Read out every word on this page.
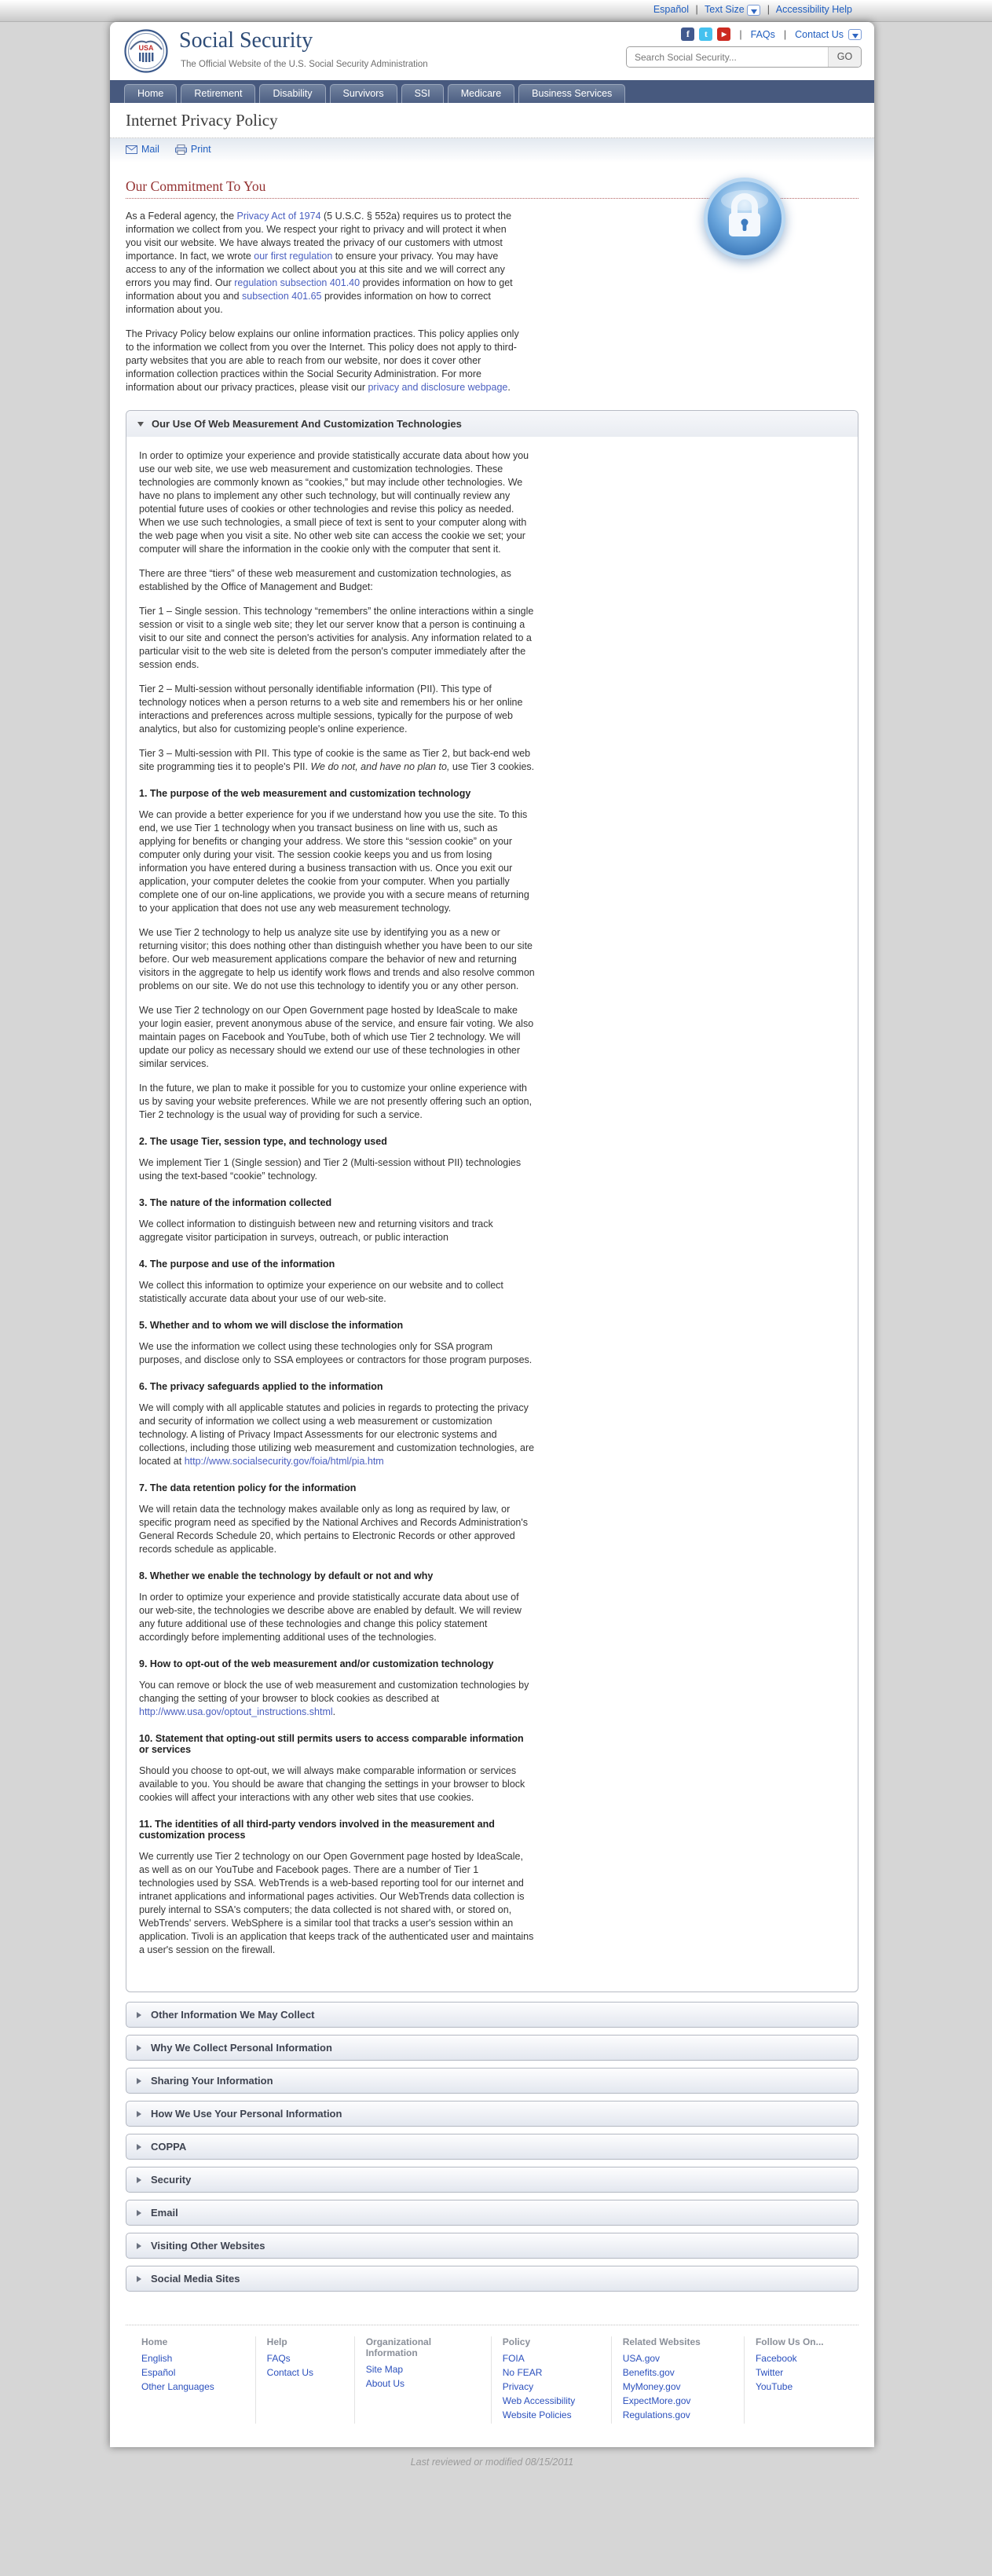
Español | Text Size | Accessibility Help
USA Social Security
The Official Website of the U.S. Social Security Administration
f	t	▶	| FAQs | Contact Us
Search Social Security...
GO
Home	Retirement	Disability	Survivors	SSI	Medicare	Business Services
Internet Privacy Policy
Mail	Print
Our Commitment To You

As a Federal agency, the Privacy Act of 1974 (5 U.S.C. § 552a) requires us to protect the information we collect from you. We respect your right to privacy and will protect it when you visit our website. We have always treated the privacy of our customers with utmost importance. In fact, we wrote our first regulation to ensure your privacy. You may have access to any of the information we collect about you at this site and we will correct any errors you may find. Our regulation subsection 401.40 provides information on how to get information about you and subsection 401.65 provides information on how to correct information about you.

The Privacy Policy below explains our online information practices. This policy applies only to the information we collect from you over the Internet. This policy does not apply to third-party websites that you are able to reach from our website, nor does it cover other information collection practices within the Social Security Administration. For more information about our privacy practices, please visit our privacy and disclosure webpage.

Our Use Of Web Measurement And Customization Technologies

In order to optimize your experience and provide statistically accurate data about how you use our web site, we use web measurement and customization technologies. These technologies are commonly known as “cookies,” but may include other technologies. We have no plans to implement any other such technology, but will continually review any potential future uses of cookies or other technologies and revise this policy as needed.
When we use such technologies, a small piece of text is sent to your computer along with the web page when you visit a site. No other web site can access the cookie we set; your computer will share the information in the cookie only with the computer that sent it.

There are three “tiers” of these web measurement and customization technologies, as established by the Office of Management and Budget:

Tier 1 – Single session. This technology “remembers” the online interactions within a single session or visit to a single web site; they let our server know that a person is continuing a visit to our site and connect the person's activities for analysis. Any information related to a particular visit to the web site is deleted from the person's computer immediately after the session ends.

Tier 2 – Multi-session without personally identifiable information (PII). This type of technology notices when a person returns to a web site and remembers his or her online interactions and preferences across multiple sessions, typically for the purpose of web analytics, but also for customizing people's online experience.

Tier 3 – Multi-session with PII. This type of cookie is the same as Tier 2, but back-end web site programming ties it to people's PII. We do not, and have no plan to, use Tier 3 cookies.

1. The purpose of the web measurement and customization technology

We can provide a better experience for you if we understand how you use the site. To this end, we use Tier 1 technology when you transact business on line with us, such as applying for benefits or changing your address. We store this “session cookie” on your computer only during your visit. The session cookie keeps you and us from losing information you have entered during a business transaction with us. Once you exit our application, your computer deletes the cookie from your computer. When you partially complete one of our on-line applications, we provide you with a secure means of returning to your application that does not use any web measurement technology.

We use Tier 2 technology to help us analyze site use by identifying you as a new or returning visitor; this does nothing other than distinguish whether you have been to our site before. Our web measurement applications compare the behavior of new and returning visitors in the aggregate to help us identify work flows and trends and also resolve common problems on our site. We do not use this technology to identify you or any other person.

We use Tier 2 technology on our Open Government page hosted by IdeaScale to make your login easier, prevent anonymous abuse of the service, and ensure fair voting. We also maintain pages on Facebook and YouTube, both of which use Tier 2 technology. We will update our policy as necessary should we extend our use of these technologies in other similar services.

In the future, we plan to make it possible for you to customize your online experience with us by saving your website preferences. While we are not presently offering such an option, Tier 2 technology is the usual way of providing for such a service.

2. The usage Tier, session type, and technology used

We implement Tier 1 (Single session) and Tier 2 (Multi-session without PII) technologies using the text-based “cookie” technology.

3. The nature of the information collected

We collect information to distinguish between new and returning visitors and track aggregate visitor participation in surveys, outreach, or public interaction

4. The purpose and use of the information

We collect this information to optimize your experience on our website and to collect statistically accurate data about your use of our web-site.

5. Whether and to whom we will disclose the information

We use the information we collect using these technologies only for SSA program purposes, and disclose only to SSA employees or contractors for those program purposes.

6. The privacy safeguards applied to the information

We will comply with all applicable statutes and policies in regards to protecting the privacy and security of information we collect using a web measurement or customization technology. A listing of Privacy Impact Assessments for our electronic systems and collections, including those utilizing web measurement and customization technologies, are located at http://www.socialsecurity.gov/foia/html/pia.htm

7. The data retention policy for the information

We will retain data the technology makes available only as long as required by law, or specific program need as specified by the National Archives and Records Administration's General Records Schedule 20, which pertains to Electronic Records or other approved records schedule as applicable.

8. Whether we enable the technology by default or not and why

In order to optimize your experience and provide statistically accurate data about use of our web-site, the technologies we describe above are enabled by default. We will review any future additional use of these technologies and change this policy statement accordingly before implementing additional uses of the technologies.

9. How to opt-out of the web measurement and/or customization technology

You can remove or block the use of web measurement and customization technologies by changing the setting of your browser to block cookies as described at http://www.usa.gov/optout_instructions.shtml.

10. Statement that opting-out still permits users to access comparable information or services

Should you choose to opt-out, we will always make comparable information or services available to you. You should be aware that changing the settings in your browser to block cookies will affect your interactions with any other web sites that use cookies.

11. The identities of all third-party vendors involved in the measurement and customization process

We currently use Tier 2 technology on our Open Government page hosted by IdeaScale, as well as on our YouTube and Facebook pages. There are a number of Tier 1 technologies used by SSA. WebTrends is a web-based reporting tool for our internet and intranet applications and informational pages activities. Our WebTrends data collection is purely internal to SSA's computers; the data collected is not shared with, or stored on, WebTrends' servers. WebSphere is a similar tool that tracks a user's session within an application. Tivoli is an application that keeps track of the authenticated user and maintains a user's session on the firewall.

Other Information We May Collect
Why We Collect Personal Information
Sharing Your Information
How We Use Your Personal Information
COPPA
Security
Email
Visiting Other Websites
Social Media Sites
Home
English
Español
Other Languages
Help
FAQs
Contact Us
Organizational Information
Site Map
About Us
Policy
FOIA
No FEAR
Privacy
Web Accessibility
Website Policies
Related Websites
USA.gov
Benefits.gov
MyMoney.gov
ExpectMore.gov
Regulations.gov
Follow Us On...
Facebook
Twitter
YouTube
Last reviewed or modified 08/15/2011
